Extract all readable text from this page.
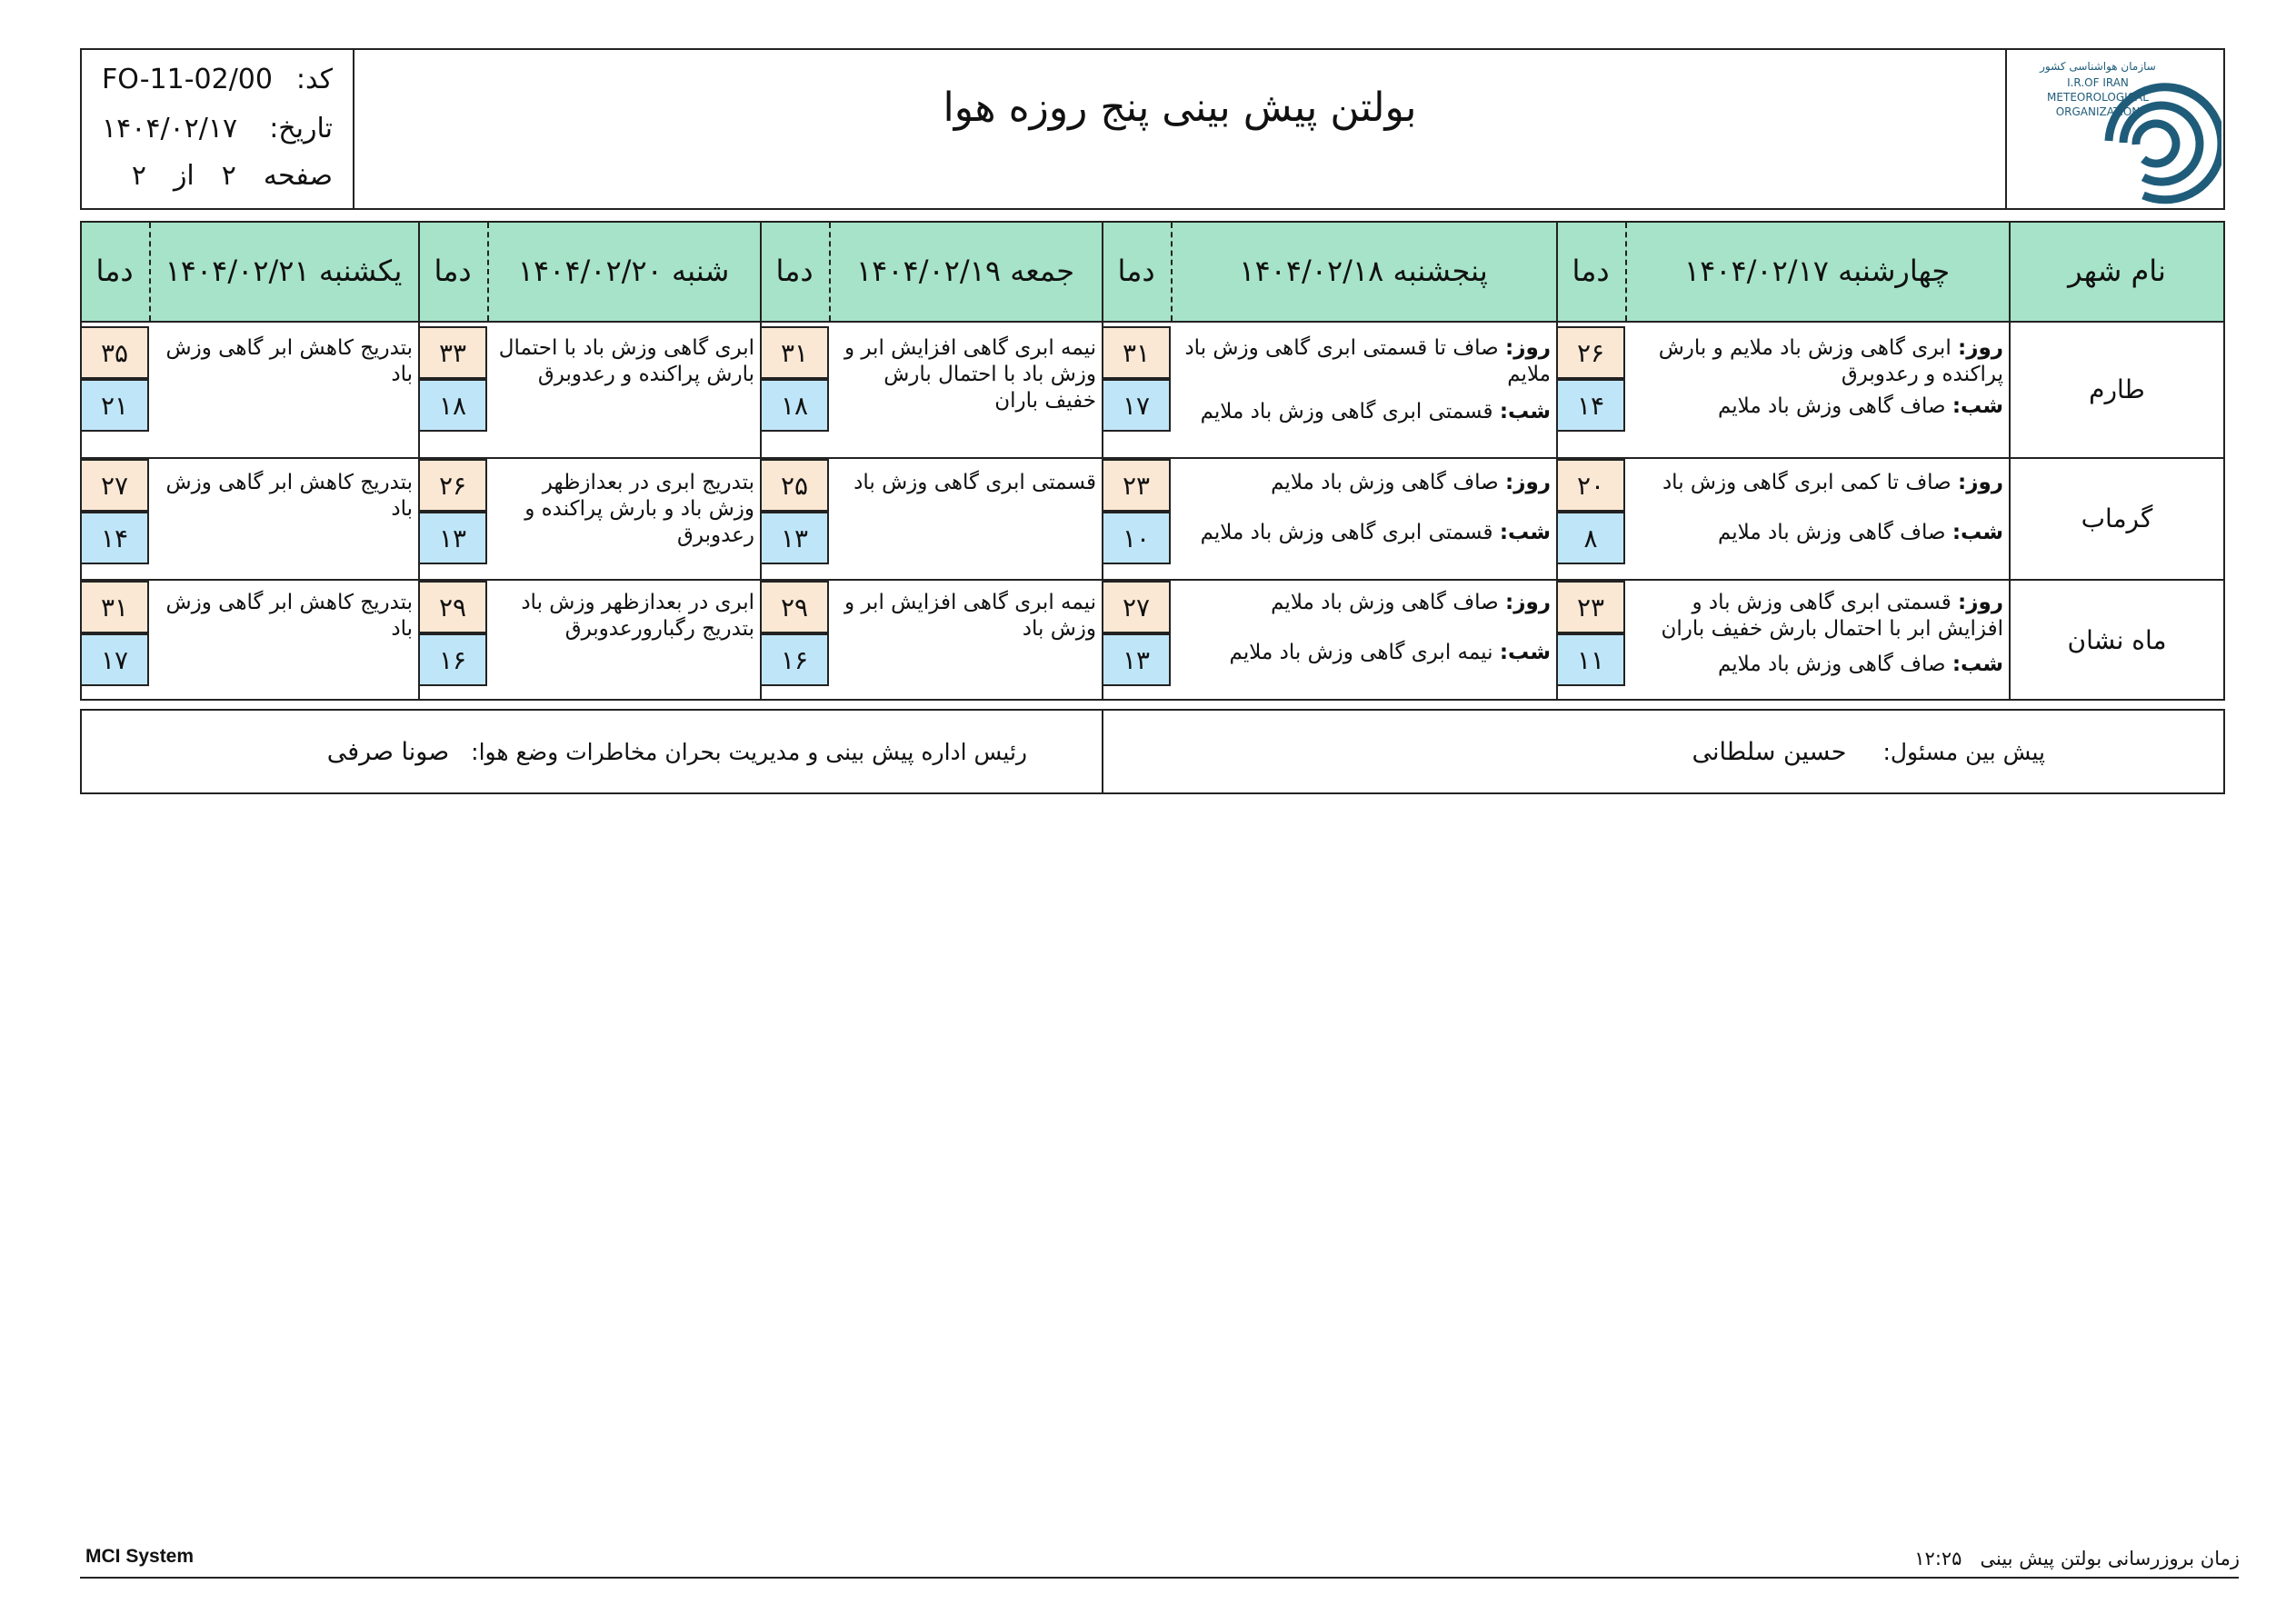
سازمان هواشناسی کشور
I.R.OF IRAN
METEOROLOGICAL
ORGANIZATION
بولتن پیش بینی پنج روزه هوا
کد:
FO-11-02/00
تاریخ:
۱۴۰۴/۰۲/۱۷
صفحه
۲
از
۲
نام شهر
چهارشنبه ۱۴۰۴/۰۲/۱۷
دما
پنجشنبه ۱۴۰۴/۰۲/۱۸
دما
جمعه ۱۴۰۴/۰۲/۱۹
دما
شنبه ۱۴۰۴/۰۲/۲۰
دما
یکشنبه ۱۴۰۴/۰۲/۲۱
دما
طارم
روز: ابری گاهی وزش باد ملایم و بارش پراکنده و رعدوبرق
شب: صاف گاهی وزش باد ملایم
۲۶
۱۴
روز: صاف تا قسمتی ابری گاهی وزش باد ملایم
شب: قسمتی ابری گاهی وزش باد ملایم
۳۱
۱۷
نیمه ابری گاهی افزایش ابر و وزش باد با احتمال بارش خفیف باران
۳۱
۱۸
ابری گاهی وزش باد با احتمال بارش پراکنده و رعدوبرق
۳۳
۱۸
بتدریج کاهش ابر گاهی وزش باد
۳۵
۲۱
گرماب
روز: صاف تا کمی ابری گاهی وزش باد
شب: صاف گاهی وزش باد ملایم
۲۰
۸
روز: صاف گاهی وزش باد ملایم
شب: قسمتی ابری گاهی وزش باد ملایم
۲۳
۱۰
قسمتی ابری گاهی وزش باد
۲۵
۱۳
بتدریج ابری در بعدازظهر وزش باد و بارش پراکنده و رعدوبرق
۲۶
۱۳
بتدریج کاهش ابر گاهی وزش باد
۲۷
۱۴
ماه نشان
روز: قسمتی ابری گاهی وزش باد و افزایش ابر با احتمال بارش خفیف باران
شب: صاف گاهی وزش باد ملایم
۲۳
۱۱
روز: صاف گاهی وزش باد ملایم
شب: نیمه ابری گاهی وزش باد ملایم
۲۷
۱۳
نیمه ابری گاهی افزایش ابر و وزش باد
۲۹
۱۶
ابری در بعدازظهر وزش باد بتدریج رگبارورعدوبرق
۲۹
۱۶
بتدریج کاهش ابر گاهی وزش باد
۳۱
۱۷
پیش بین مسئول:
حسین سلطانی
رئیس اداره پیش بینی و مدیریت بحران مخاطرات وضع هوا:
صونا صرفی
MCI System	زمان بروزرسانی بولتن پیش بینی   ۱۲:۲۵
